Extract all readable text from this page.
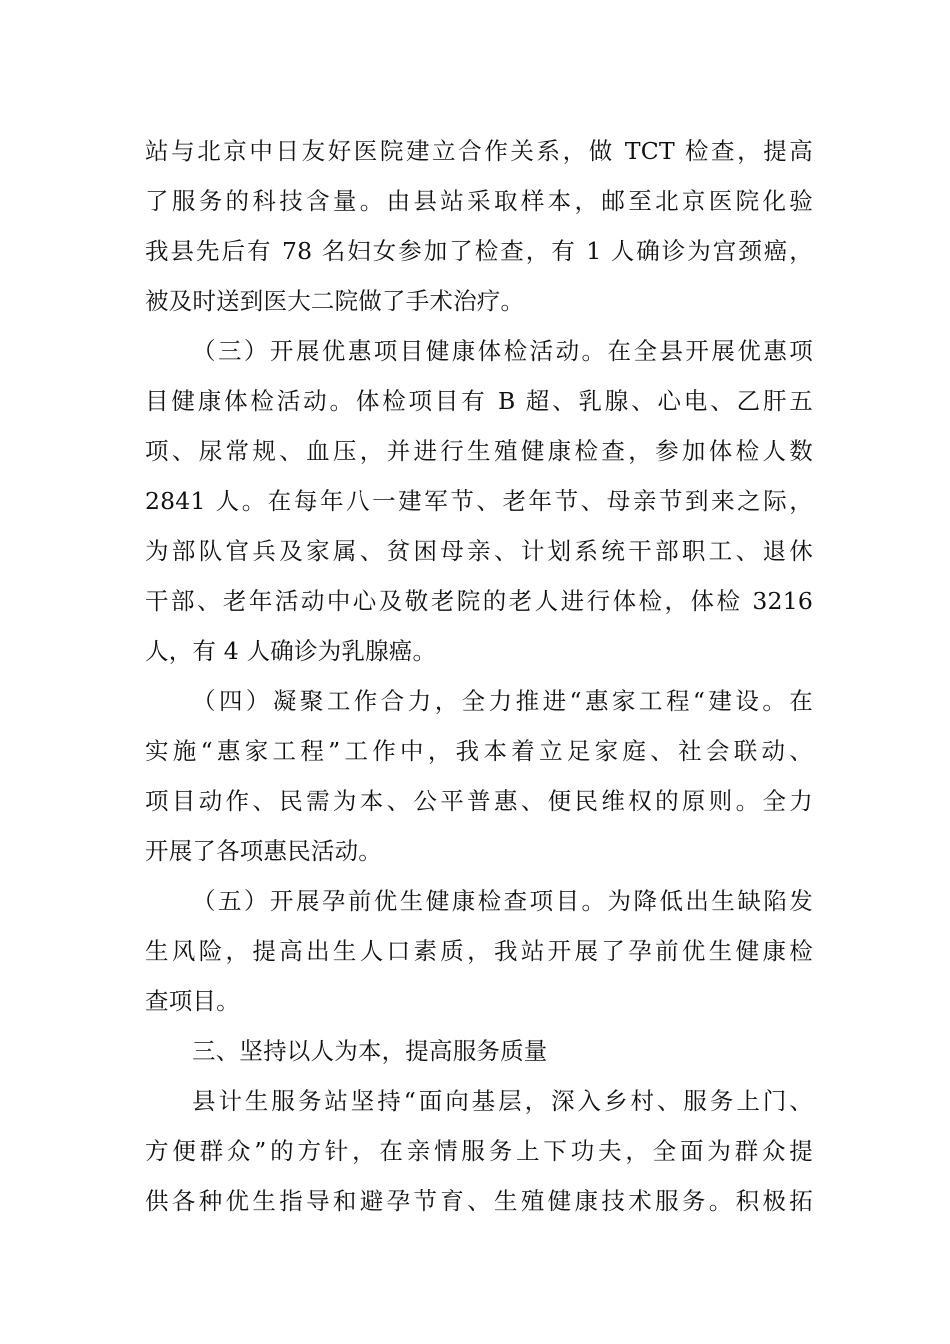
站与北京中日友好医院建立合作关系，做 TCT 检查，提高
了服务的科技含量。由县站采取样本，邮至北京医院化验
我县先后有 78 名妇女参加了检查，有 1 人确诊为宫颈癌，
被及时送到医大二院做了手术治疗。
（三）开展优惠项目健康体检活动。在全县开展优惠项
目健康体检活动。体检项目有 B 超、乳腺、心电、乙肝五
项、尿常规、血压，并进行生殖健康检查，参加体检人数
2841 人。在每年八一建军节、老年节、母亲节到来之际，
为部队官兵及家属、贫困母亲、计划系统干部职工、退休
干部、老年活动中心及敬老院的老人进行体检，体检 3216
人，有 4 人确诊为乳腺癌。
（四）凝聚工作合力，全力推进“惠家工程“建设。在
实施“惠家工程”工作中，我本着立足家庭、社会联动、
项目动作、民需为本、公平普惠、便民维权的原则。全力
开展了各项惠民活动。
（五）开展孕前优生健康检查项目。为降低出生缺陷发
生风险，提高出生人口素质，我站开展了孕前优生健康检
查项目。
三、坚持以人为本，提高服务质量
县计生服务站坚持“面向基层，深入乡村、服务上门、
方便群众”的方针，在亲情服务上下功夫，全面为群众提
供各种优生指导和避孕节育、生殖健康技术服务。积极拓
